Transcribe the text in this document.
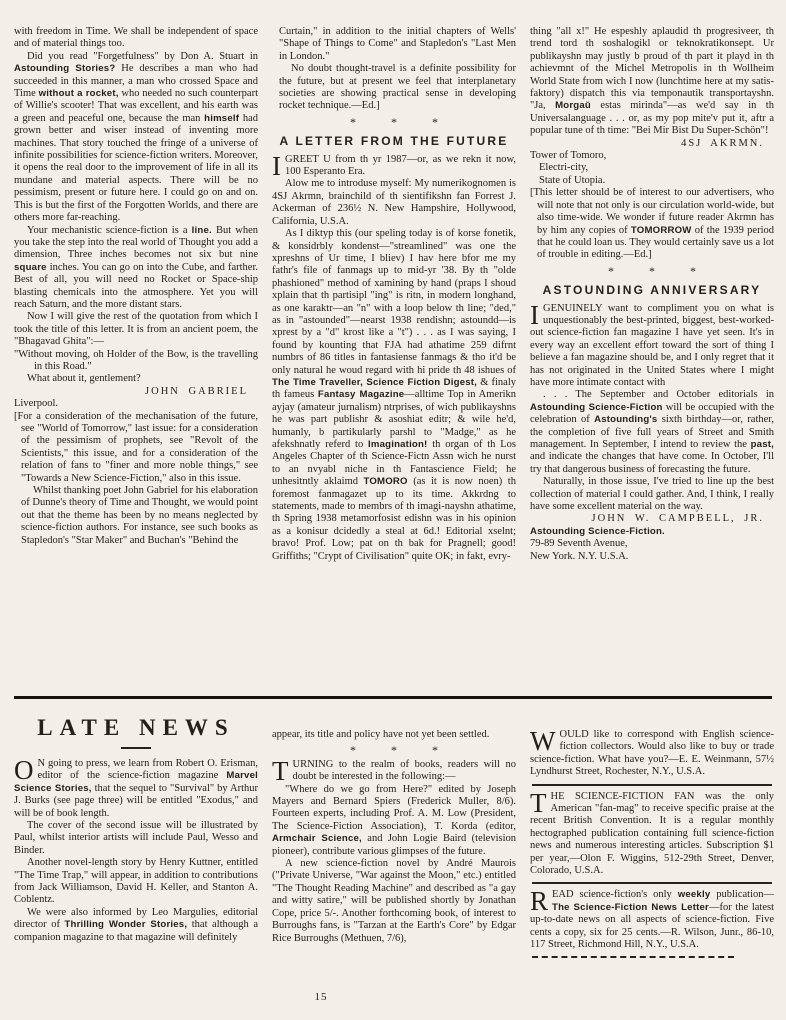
with freedom in Time. We shall be independent of space and of material things too.

Did you read "Forgetfulness" by Don A. Stuart in Astounding Stories? He describes a man who had succeeded in this manner, a man who crossed Space and Time without a rocket, who needed no such counterpart of Willie's scooter! That was excellent, and his earth was a green and peaceful one, because the man himself had grown better and wiser instead of inventing more machines. That story touched the fringe of a universe of infinite possibilities for science-fiction writers. Moreover, it opens the real door to the improvement of life in all its mundane and material aspects. There will be no pessimism, present or future here. I could go on and on. This is but the first of the Forgotten Worlds, and there are others more far-reaching.

Your mechanistic science-fiction is a line. But when you take the step into the real world of Thought you add a dimension, Three inches becomes not six but nine square inches. You can go on into the Cube, and farther. Best of all, you will need no Rocket or Space-ship blasting chemicals into the atmosphere. Yet you will reach Saturn, and the more distant stars.

Now I will give the rest of the quotation from which I took the title of this letter. It is from an ancient poem, the "Bhagavad Ghita":—

"Without moving, oh Holder of the Bow, is the travelling in this Road."

What about it, gentlement?

JOHN GABRIEL

Liverpool.

[For a consideration of the mechanisation of the future, see "World of Tomorrow," last issue: for a consideration of the pessimism of prophets, see "Revolt of the Scientists," this issue, and for a consideration of the relation of fans to "finer and more noble things," see "Towards a New Science-Fiction," also in this issue.

Whilst thanking poet John Gabriel for his elaboration of Dunne's theory of Time and Thought, we would point out that the theme has been by no means neglected by science-fiction authors. For instance, see such books as Stapledon's "Star Maker" and Buchan's "Behind the

Curtain," in addition to the initial chapters of Wells' "Shape of Things to Come" and Stapledon's "Last Men in London."

No doubt thought-travel is a definite possibility for the future, but at present we feel that interplanetary societies are showing practical sense in developing rocket technique.—Ed.]

* * *
A LETTER FROM THE FUTURE

IGREET U from th yr 1987—or, as we rekn it now, 100 Esperanto Era.

Alow me to introduse myself: My numerikognomen is 4SJ Akrmn, brainchild of th sientifikshn fan Forrest J. Ackerman of 236½ N. New Hampshire, Hollywood, California, U.S.A.

As I diktyp this (our speling today is of korse fonetik, & konsidrbly kondenst—"streamlined" was one the xpreshns of Ur time, I bliev) I hav here bfor me my fathr's file of fanmags up to mid-yr '38. By th "olde phashioned" method of xamining by hand (praps I shoud xplain that th partisipl "ing" is ritn, in modern longhand, as one karaktr—an "n" with a loop below th line; "ded," as in "astounded"—nearst 1938 rendishn; astoundd—is xprest by a "d" krost like a "t") . . . as I was saying, I found by kounting that FJA had athatime 259 difrnt numbrs of 86 titles in fantasiense fanmags & tho it'd be only natural he woud regard with hi pride th 48 ishues of The Time Traveller, Science Fiction Digest, & finaly th fameus Fantasy Magazine—alltime Top in Amerikn ayjay (amateur jurnalism) ntrprises, of wich publikayshns he was part publishr & asoshiat editr; & wile he'd, humanly, b partikularly parshl to "Madge," as he afekshnatly referd to Imagination! th organ of th Los Angeles Chapter of th Science-Fictn Assn wich he nurst to an nvyabl niche in th Fantascience Field; he unhesitntly aklaimd TOMORO (as it is now noen) th foremost fanmagazet up to its time. Akkrdng to statements, made to membrs of th imagi-nayshn athatime, th Spring 1938 metamorfosist edishn was in his opinion as a konisur dcidedly a steal at 6d.! Editorial xselnt; bravo! Prof. Low; pat on th bak for Pragnell; good! Griffiths; "Crypt of Civilisation" quite OK; in fakt, evry-

thing "all x!" He espeshly aplaudid th progresiveer, th trend tord th soshalogikl or teknokratikonsept. Ur publikayshn may justly b proud of th part it playd in th achievmnt of the Michel Metropolis in th Wollheim World State from wich I now (lunchtime here at my satis-faktory) dispatch this via temponautik transportayshn. "Ja, Morgaŭ estas mirinda"—as we'd say in th Universalanguage . . . or, as my pop mite'v put it, aftr a popular tune of th time: "Bei Mir Bist Du Super-Schön"!

4SJ AKRMN.

Tower of Tomoro,

Electri-city,

State of Utopia.

[This letter should be of interest to our advertisers, who will note that not only is our circulation world-wide, but also time-wide. We wonder if future reader Akrmn has by him any copies of TOMORROW of the 1939 period that he could loan us. They would certainly save us a lot of trouble in editing.—Ed.]

* * *
ASTOUNDING ANNIVERSARY

IGENUINELY want to compliment you on what is unquestionably the best-printed, biggest, best-worked-out science-fiction fan magazine I have yet seen. It's in every way an excellent effort toward the sort of thing I believe a fan magazine should be, and I only regret that it has not originated in the United States where I might have more intimate contact with

. . . The September and October editorials in Astounding Science-Fiction will be occupied with the celebration of Astounding's sixth birthday—or, rather, the completion of five full years of Street and Smith management. In September, I intend to review the past, and indicate the changes that have come. In October, I'll try that dangerous business of forecasting the future.

Naturally, in those issue, I've tried to line up the best collection of material I could gather. And, I think, I really have some excellent material on the way.

JOHN W. CAMPBELL, JR.

Astounding Science-Fiction.

79-89 Seventh Avenue,

New York. N.Y. U.S.A.

LATE NEWS

O N going to press, we learn from Robert O. Erisman, editor of the science-fiction magazine Marvel Science Stories, that the sequel to "Survival" by Arthur J. Burks (see page three) will be entitled "Exodus," and will be of book length.

The cover of the second issue will be illustrated by Paul, whilst interior artists will include Paul, Wesso and Binder.

Another novel-length story by Henry Kuttner, entitled "The Time Trap," will appear, in addition to contributions from Jack Williamson, David H. Keller, and Stanton A. Coblentz.

We were also informed by Leo Margulies, editorial director of Thrilling Wonder Stories, that although a companion magazine to that magazine will definitely

appear, its title and policy have not yet been settled.

* * *

TURNING to the realm of books, readers will no doubt be interested in the following:—

"Where do we go from Here?" edited by Joseph Mayers and Bernard Spiers (Frederick Muller, 8/6). Fourteen experts, including Prof. A. M. Low (President, The Science-Fiction Association), T. Korda (editor, Armchair Science, and John Logie Baird (television pioneer), contribute various glimpses of the future.

A new science-fiction novel by André Maurois ("Private Universe, "War against the Moon," etc.) entitled "The Thought Reading Machine" and described as "a gay and witty satire," will be published shortly by Jonathan Cope, price 5/-. Another forthcoming book, of interest to Burroughs fans, is "Tarzan at the Earth's Core" by Edgar Rice Burroughs (Methuen, 7/6),

WOULD like to correspond with English science-fiction collectors. Would also like to buy or trade science-fiction. What have you?—E. E. Weinmann, 57½ Lyndhurst Street, Rochester, N.Y., U.S.A.

THE SCIENCE-FICTION FAN was the only American "fan-mag" to receive specific praise at the recent British Convention. It is a regular monthly hectographed publication containing full science-fiction news and numerous interesting articles. Subscription $1 per year,—Olon F. Wiggins, 512-29th Street, Denver, Colorado, U.S.A.

READ science-fiction's only weekly publication—The Science-Fiction News Letter—for the latest up-to-date news on all aspects of science-fiction. Five cents a copy, six for 25 cents.—R. Wilson, Junr., 86-10, 117 Street, Richmond Hill, N.Y., U.S.A.

15
